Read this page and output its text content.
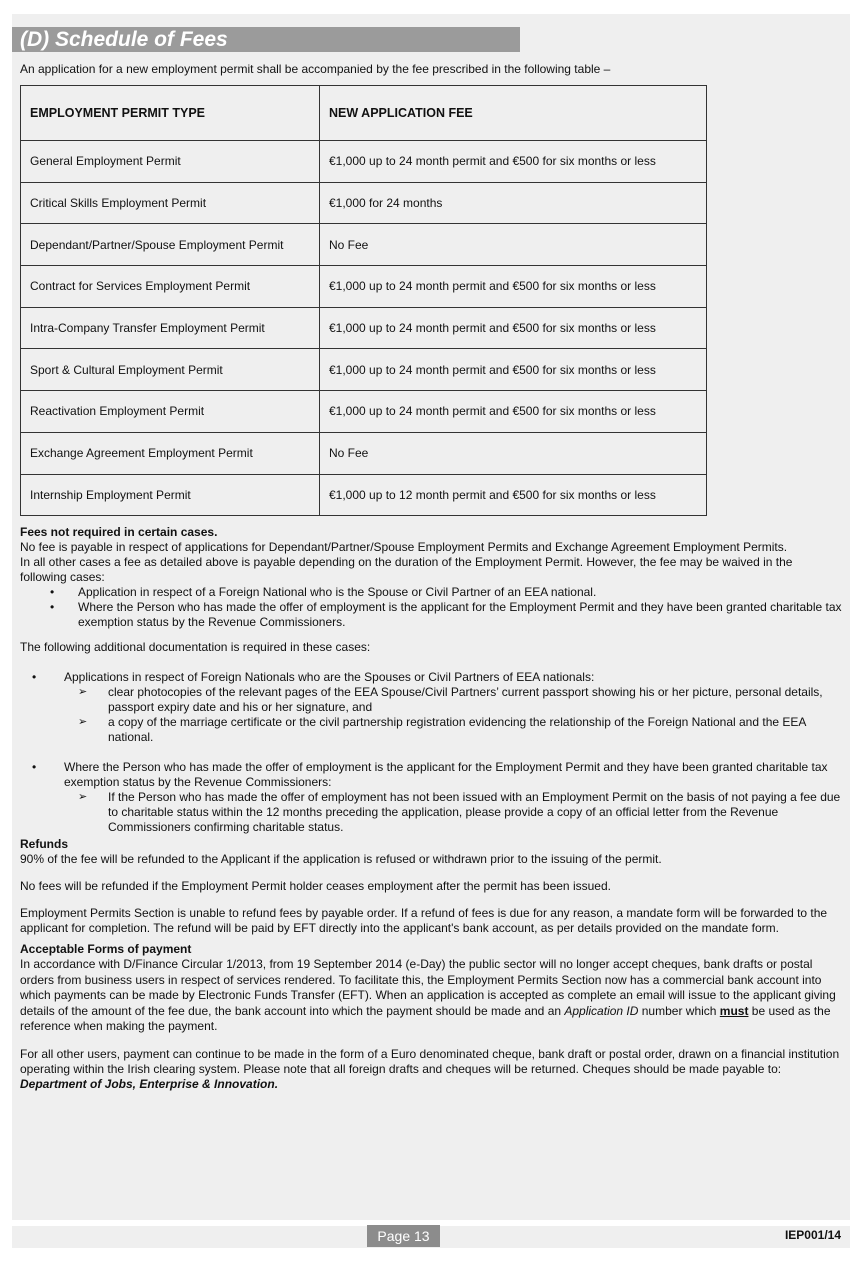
(D) Schedule of Fees
An application for a new employment permit shall be accompanied by the fee prescribed in the following table –
EMPLOYMENT PERMIT TYPE	NEW APPLICATION FEE
General Employment Permit	€1,000 up to 24 month permit and €500 for six months or less
Critical Skills Employment Permit	€1,000 for 24 months
Dependant/Partner/Spouse Employment Permit	No Fee
Contract for Services Employment Permit	€1,000 up to 24 month permit and €500 for six months or less
Intra-Company Transfer Employment Permit	€1,000 up to 24 month permit and €500 for six months or less
Sport & Cultural Employment Permit	€1,000 up to 24 month permit and €500 for six months or less
Reactivation Employment Permit	€1,000 up to 24 month permit and €500 for six months or less
Exchange Agreement Employment Permit	No Fee
Internship Employment Permit	€1,000 up to 12 month permit and €500 for six months or less

Fees not required in certain cases.

No fee is payable in respect of applications for Dependant/Partner/Spouse Employment Permits and Exchange Agreement Employment Permits.

In all other cases a fee as detailed above is payable depending on the duration of the Employment Permit. However, the fee may be waived in the following cases:

• Application in respect of a Foreign National who is the Spouse or Civil Partner of an EEA national.
• Where the Person who has made the offer of employment is the applicant for the Employment Permit and they have been granted charitable tax exemption status by the Revenue Commissioners.

The following additional documentation is required in these cases:

• Applications in respect of Foreign Nationals who are the Spouses or Civil Partners of EEA nationals:
➢ clear photocopies of the relevant pages of the EEA Spouse/Civil Partners’ current passport showing his or her picture, personal details, passport expiry date and his or her signature, and
➢ a copy of the marriage certificate or the civil partnership registration evidencing the relationship of the Foreign National and the EEA national.
• Where the Person who has made the offer of employment is the applicant for the Employment Permit and they have been granted charitable tax exemption status by the Revenue Commissioners:
➢ If the Person who has made the offer of employment has not been issued with an Employment Permit on the basis of not paying a fee due to charitable status within the 12 months preceding the application, please provide a copy of an official letter from the Revenue Commissioners confirming charitable status.

Refunds

90% of the fee will be refunded to the Applicant if the application is refused or withdrawn prior to the issuing of the permit.

No fees will be refunded if the Employment Permit holder ceases employment after the permit has been issued.

Employment Permits Section is unable to refund fees by payable order. If a refund of fees is due for any reason, a mandate form will be forwarded to the applicant for completion. The refund will be paid by EFT directly into the applicant's bank account, as per details provided on the mandate form.

Acceptable Forms of payment

In accordance with D/Finance Circular 1/2013, from 19 September 2014 (e-Day) the public sector will no longer accept cheques, bank drafts or postal orders from business users in respect of services rendered. To facilitate this, the Employment Permits Section now has a commercial bank account into which payments can be made by Electronic Funds Transfer (EFT). When an application is accepted as complete an email will issue to the applicant giving details of the amount of the fee due, the bank account into which the payment should be made and an Application ID number which must be used as the reference when making the payment.

For all other users, payment can continue to be made in the form of a Euro denominated cheque, bank draft or postal order, drawn on a financial institution operating within the Irish clearing system. Please note that all foreign drafts and cheques will be returned. Cheques should be made payable to: Department of Jobs, Enterprise & Innovation.

Page 13	IEP001/14
